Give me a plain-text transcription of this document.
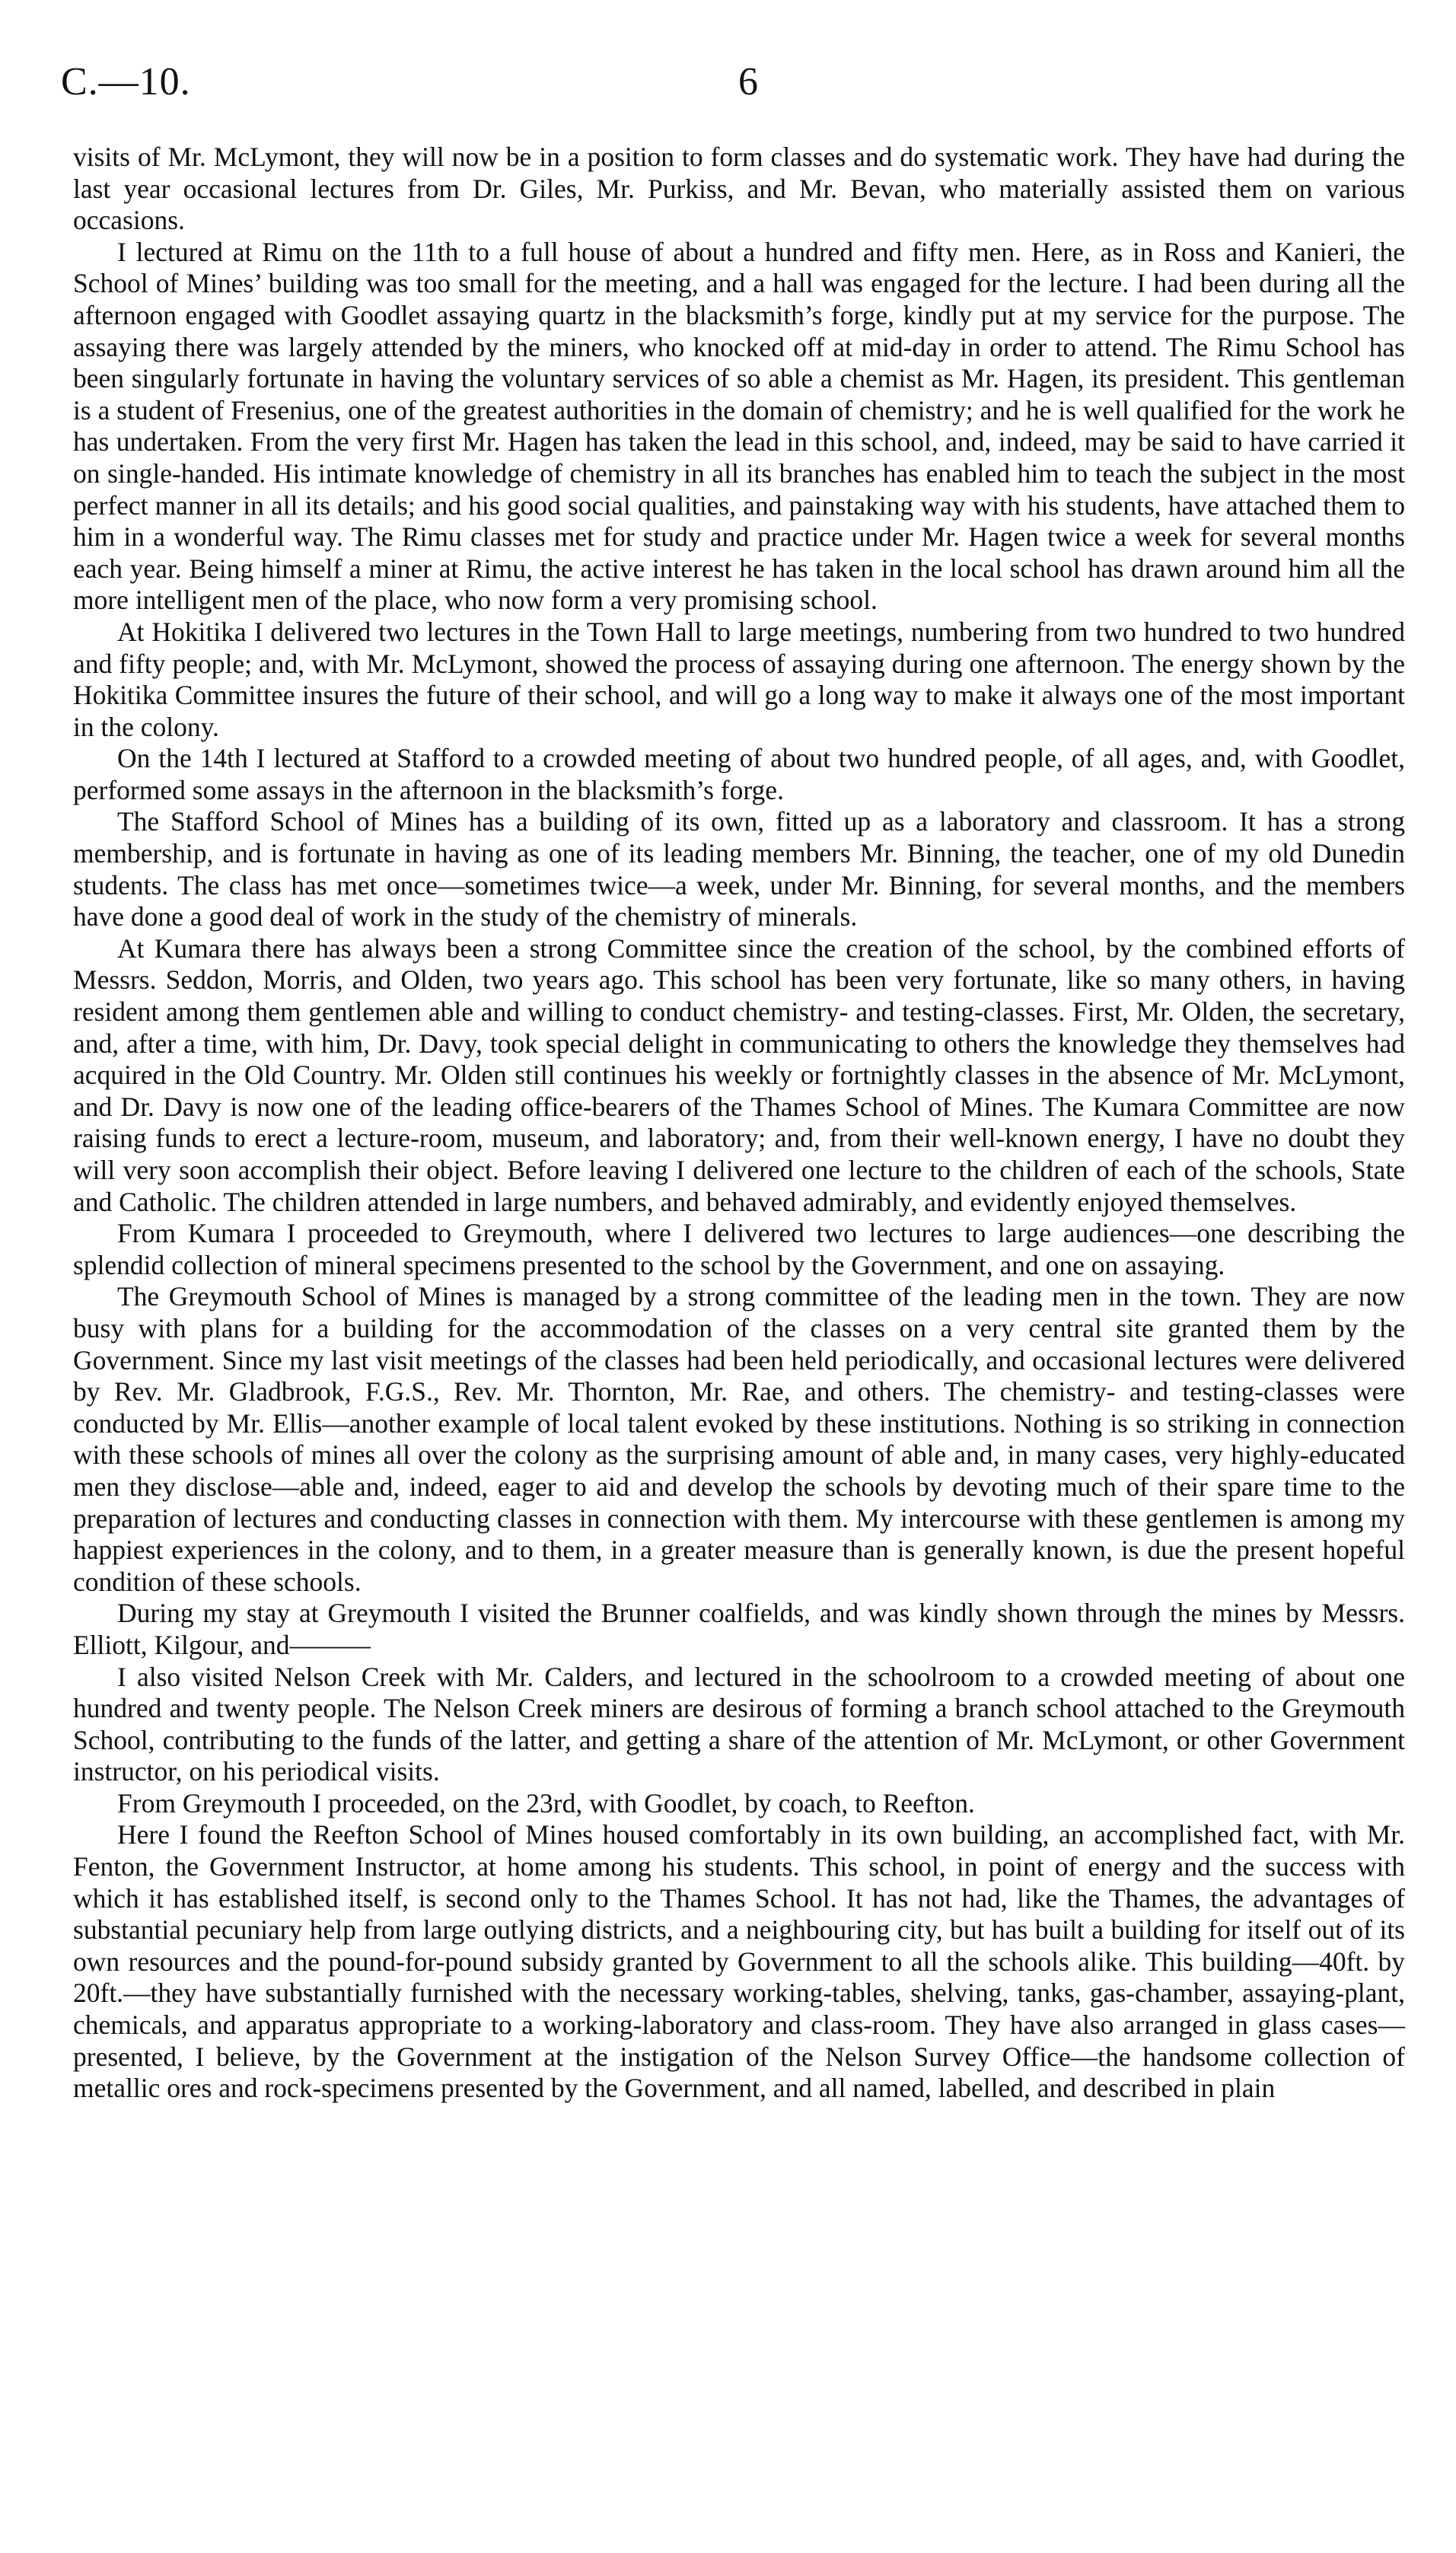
C.—10.	6

visits of Mr. McLymont, they will now be in a position to form classes and do systematic work. They have had during the last year occasional lectures from Dr. Giles, Mr. Purkiss, and Mr. Bevan, who materially assisted them on various occasions.

I lectured at Rimu on the 11th to a full house of about a hundred and fifty men. Here, as in Ross and Kanieri, the School of Mines’ building was too small for the meeting, and a hall was engaged for the lecture. I had been during all the afternoon engaged with Goodlet assaying quartz in the blacksmith’s forge, kindly put at my service for the purpose. The assaying there was largely attended by the miners, who knocked off at mid-day in order to attend. The Rimu School has been singularly fortunate in having the voluntary services of so able a chemist as Mr. Hagen, its president. This gentleman is a student of Fresenius, one of the greatest authorities in the domain of chemistry; and he is well qualified for the work he has undertaken. From the very first Mr. Hagen has taken the lead in this school, and, indeed, may be said to have carried it on single-handed. His intimate knowledge of chemistry in all its branches has enabled him to teach the subject in the most perfect manner in all its details; and his good social qualities, and painstaking way with his students, have attached them to him in a wonderful way. The Rimu classes met for study and practice under Mr. Hagen twice a week for several months each year. Being himself a miner at Rimu, the active interest he has taken in the local school has drawn around him all the more intelligent men of the place, who now form a very promising school.

At Hokitika I delivered two lectures in the Town Hall to large meetings, numbering from two hundred to two hundred and fifty people; and, with Mr. McLymont, showed the process of assaying during one afternoon. The energy shown by the Hokitika Committee insures the future of their school, and will go a long way to make it always one of the most important in the colony.

On the 14th I lectured at Stafford to a crowded meeting of about two hundred people, of all ages, and, with Goodlet, performed some assays in the afternoon in the blacksmith’s forge.

The Stafford School of Mines has a building of its own, fitted up as a laboratory and classroom. It has a strong membership, and is fortunate in having as one of its leading members Mr. Binning, the teacher, one of my old Dunedin students. The class has met once—sometimes twice—a week, under Mr. Binning, for several months, and the members have done a good deal of work in the study of the chemistry of minerals.

At Kumara there has always been a strong Committee since the creation of the school, by the combined efforts of Messrs. Seddon, Morris, and Olden, two years ago. This school has been very fortunate, like so many others, in having resident among them gentlemen able and willing to conduct chemistry- and testing-classes. First, Mr. Olden, the secretary, and, after a time, with him, Dr. Davy, took special delight in communicating to others the knowledge they themselves had acquired in the Old Country. Mr. Olden still continues his weekly or fortnightly classes in the absence of Mr. McLymont, and Dr. Davy is now one of the leading office-bearers of the Thames School of Mines. The Kumara Committee are now raising funds to erect a lecture-room, museum, and laboratory; and, from their well-known energy, I have no doubt they will very soon accomplish their object. Before leaving I delivered one lecture to the children of each of the schools, State and Catholic. The children attended in large numbers, and behaved admirably, and evidently enjoyed themselves.

From Kumara I proceeded to Greymouth, where I delivered two lectures to large audiences—one describing the splendid collection of mineral specimens presented to the school by the Government, and one on assaying.

The Greymouth School of Mines is managed by a strong committee of the leading men in the town. They are now busy with plans for a building for the accommodation of the classes on a very central site granted them by the Government. Since my last visit meetings of the classes had been held periodically, and occasional lectures were delivered by Rev. Mr. Gladbrook, F.G.S., Rev. Mr. Thornton, Mr. Rae, and others. The chemistry- and testing-classes were conducted by Mr. Ellis—another example of local talent evoked by these institutions. Nothing is so striking in connection with these schools of mines all over the colony as the surprising amount of able and, in many cases, very highly-educated men they disclose—able and, indeed, eager to aid and develop the schools by devoting much of their spare time to the preparation of lectures and conducting classes in connection with them. My intercourse with these gentlemen is among my happiest experiences in the colony, and to them, in a greater measure than is generally known, is due the present hopeful condition of these schools.

During my stay at Greymouth I visited the Brunner coalfields, and was kindly shown through the mines by Messrs. Elliott, Kilgour, and———

I also visited Nelson Creek with Mr. Calders, and lectured in the schoolroom to a crowded meeting of about one hundred and twenty people. The Nelson Creek miners are desirous of forming a branch school attached to the Greymouth School, contributing to the funds of the latter, and getting a share of the attention of Mr. McLymont, or other Government instructor, on his periodical visits.

From Greymouth I proceeded, on the 23rd, with Goodlet, by coach, to Reefton.

Here I found the Reefton School of Mines housed comfortably in its own building, an accomplished fact, with Mr. Fenton, the Government Instructor, at home among his students. This school, in point of energy and the success with which it has established itself, is second only to the Thames School. It has not had, like the Thames, the advantages of substantial pecuniary help from large outlying districts, and a neighbouring city, but has built a building for itself out of its own resources and the pound-for-pound subsidy granted by Government to all the schools alike. This building—40ft. by 20ft.—they have substantially furnished with the necessary working-tables, shelving, tanks, gas-chamber, assaying-plant, chemicals, and apparatus appropriate to a working-laboratory and class-room. They have also arranged in glass cases—presented, I believe, by the Government at the instigation of the Nelson Survey Office—the handsome collection of metallic ores and rock-specimens presented by the Government, and all named, labelled, and described in plain
